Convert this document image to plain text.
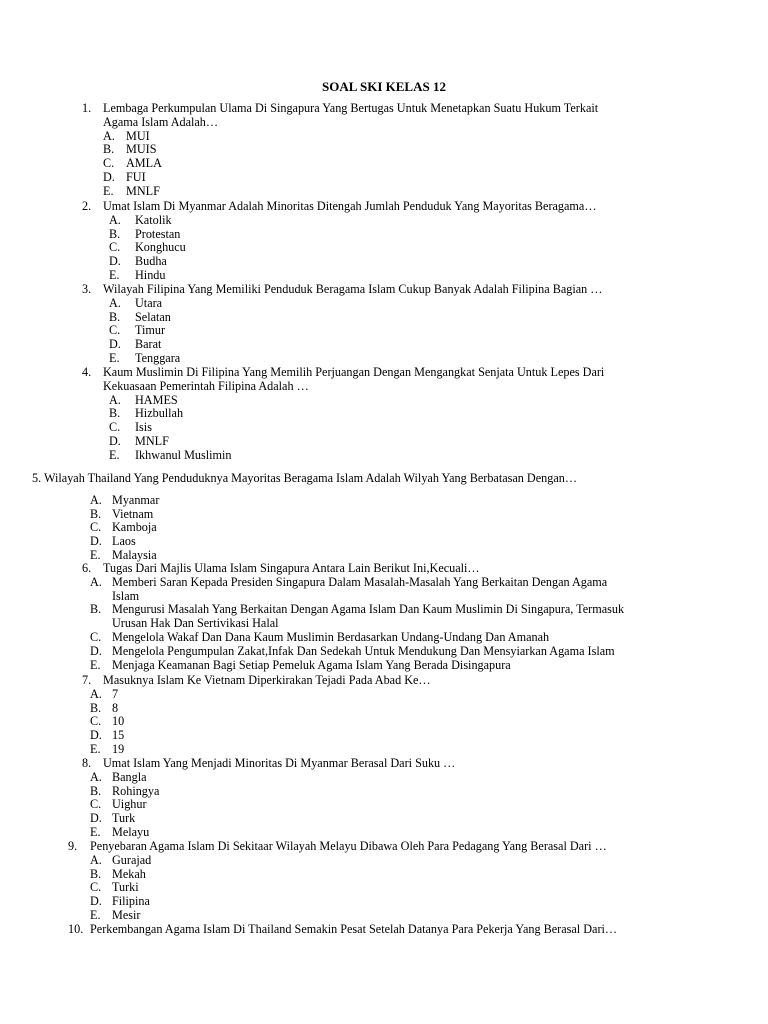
SOAL SKI KELAS 12
1. Lembaga Perkumpulan Ulama Di Singapura Yang Bertugas Untuk Menetapkan Suatu Hukum Terkait
Agama Islam Adalah…
A. MUI
B. MUIS
C. AMLA
D. FUI
E. MNLF
2. Umat Islam Di Myanmar Adalah Minoritas Ditengah Jumlah Penduduk Yang Mayoritas Beragama…
A. Katolik
B. Protestan
C. Konghucu
D. Budha
E. Hindu
3. Wilayah Filipina Yang Memiliki Penduduk Beragama Islam Cukup Banyak Adalah Filipina Bagian …
A. Utara
B. Selatan
C. Timur
D. Barat
E. Tenggara
4. Kaum Muslimin Di Filipina Yang Memilih Perjuangan Dengan Mengangkat Senjata Untuk Lepes Dari
Kekuasaan Pemerintah Filipina Adalah …
A. HAMES
B. Hizbullah
C. Isis
D. MNLF
E. Ikhwanul Muslimin
5. Wilayah Thailand Yang Penduduknya Mayoritas Beragama Islam Adalah Wilyah Yang Berbatasan Dengan…
A. Myanmar
B. Vietnam
C. Kamboja
D. Laos
E. Malaysia
6. Tugas Dari Majlis Ulama Islam Singapura Antara Lain Berikut Ini,Kecuali…
A. Memberi Saran Kepada Presiden Singapura Dalam Masalah-Masalah Yang Berkaitan Dengan Agama
Islam
B. Mengurusi Masalah Yang Berkaitan Dengan Agama Islam Dan Kaum Muslimin Di Singapura, Termasuk
Urusan Hak Dan Sertivikasi Halal
C. Mengelola Wakaf Dan Dana Kaum Muslimin Berdasarkan Undang-Undang Dan Amanah
D. Mengelola Pengumpulan Zakat,Infak Dan Sedekah Untuk Mendukung Dan Mensyiarkan Agama Islam
E. Menjaga Keamanan Bagi Setiap Pemeluk Agama Islam Yang Berada Disingapura
7. Masuknya Islam Ke Vietnam Diperkirakan Tejadi Pada Abad Ke…
A. 7
B. 8
C. 10
D. 15
E. 19
8. Umat Islam Yang Menjadi Minoritas Di Myanmar Berasal Dari Suku …
A. Bangla
B. Rohingya
C. Uighur
D. Turk
E. Melayu
9. Penyebaran Agama Islam Di Sekitaar Wilayah Melayu Dibawa Oleh Para Pedagang Yang Berasal Dari …
A. Gurajad
B. Mekah
C. Turki
D. Filipina
E. Mesir
10. Perkembangan Agama Islam Di Thailand Semakin Pesat Setelah Datanya Para Pekerja Yang Berasal Dari…
